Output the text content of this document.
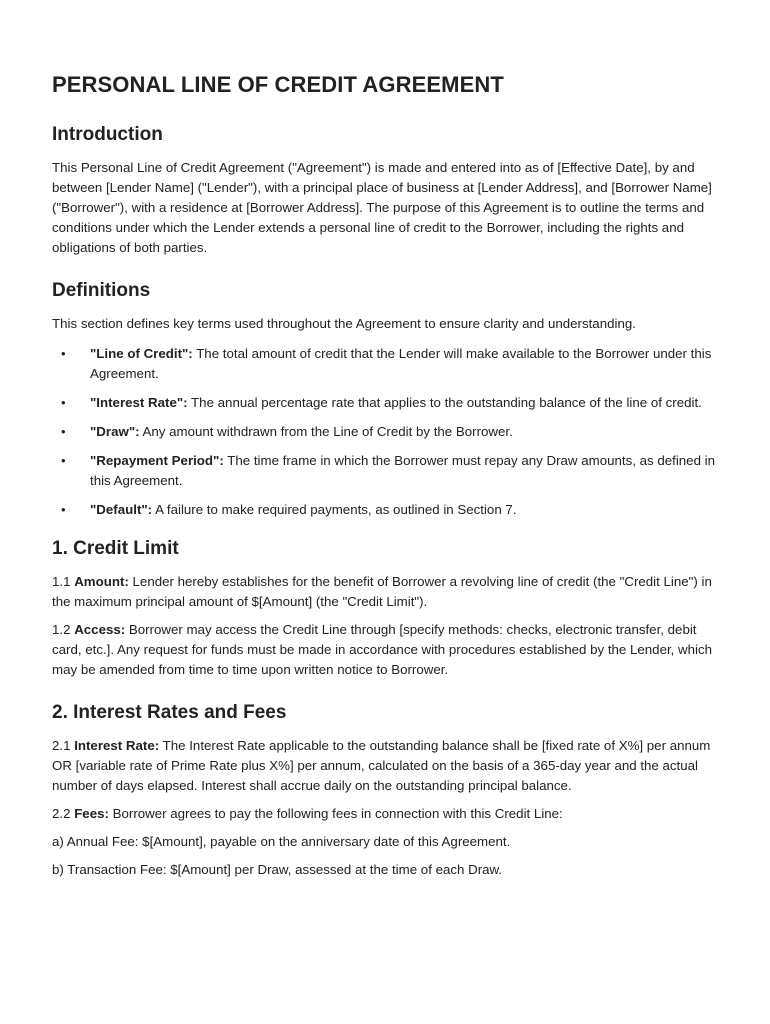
PERSONAL LINE OF CREDIT AGREEMENT
Introduction

This Personal Line of Credit Agreement ("Agreement") is made and entered into as of [Effective Date], by and between [Lender Name] ("Lender"), with a principal place of business at [Lender Address], and [Borrower Name] ("Borrower"), with a residence at [Borrower Address]. The purpose of this Agreement is to outline the terms and conditions under which the Lender extends a personal line of credit to the Borrower, including the rights and obligations of both parties.

Definitions

This section defines key terms used throughout the Agreement to ensure clarity and understanding.

• "Line of Credit": The total amount of credit that the Lender will make available to the Borrower under this Agreement.
• "Interest Rate": The annual percentage rate that applies to the outstanding balance of the line of credit.
• "Draw": Any amount withdrawn from the Line of Credit by the Borrower.
• "Repayment Period": The time frame in which the Borrower must repay any Draw amounts, as defined in this Agreement.
• "Default": A failure to make required payments, as outlined in Section 7.
1. Credit Limit

1.1 Amount: Lender hereby establishes for the benefit of Borrower a revolving line of credit (the "Credit Line") in the maximum principal amount of $[Amount] (the "Credit Limit").

1.2 Access: Borrower may access the Credit Line through [specify methods: checks, electronic transfer, debit card, etc.]. Any request for funds must be made in accordance with procedures established by the Lender, which may be amended from time to time upon written notice to Borrower.

2. Interest Rates and Fees

2.1 Interest Rate: The Interest Rate applicable to the outstanding balance shall be [fixed rate of X%] per annum OR [variable rate of Prime Rate plus X%] per annum, calculated on the basis of a 365-day year and the actual number of days elapsed. Interest shall accrue daily on the outstanding principal balance.

2.2 Fees: Borrower agrees to pay the following fees in connection with this Credit Line:

a) Annual Fee: $[Amount], payable on the anniversary date of this Agreement.

b) Transaction Fee: $[Amount] per Draw, assessed at the time of each Draw.
